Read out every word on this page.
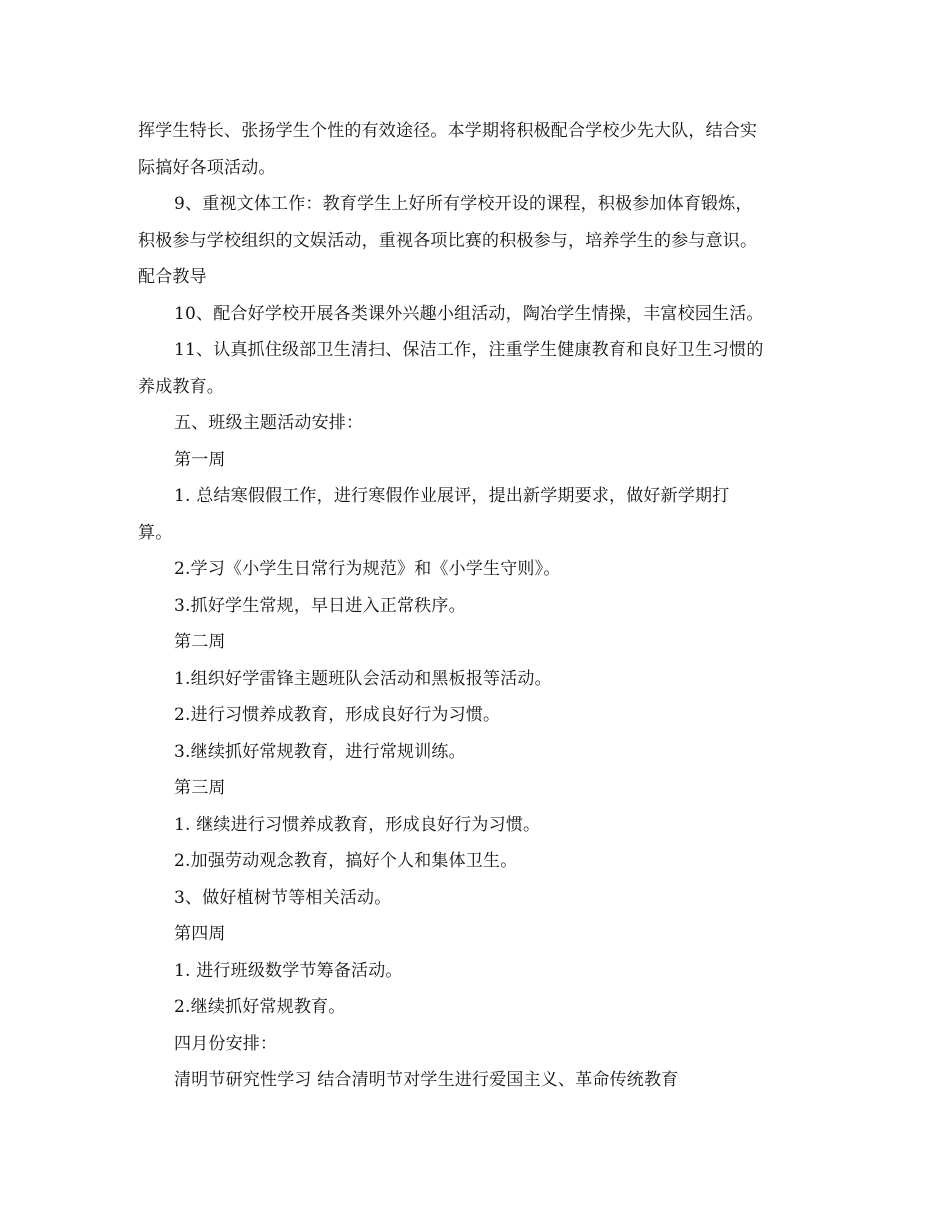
挥学生特长、张扬学生个性的有效途径。本学期将积极配合学校少先大队，结合实
际搞好各项活动。
9、重视文体工作：教育学生上好所有学校开设的课程，积极参加体育锻炼，
积极参与学校组织的文娱活动，重视各项比赛的积极参与，培养学生的参与意识。
配合教导
10、配合好学校开展各类课外兴趣小组活动，陶冶学生情操，丰富校园生活。
11、认真抓住级部卫生清扫、保洁工作，注重学生健康教育和良好卫生习惯的
养成教育。
五、班级主题活动安排：
第一周
1. 总结寒假假工作，进行寒假作业展评，提出新学期要求，做好新学期打
算。
2.学习《小学生日常行为规范》和《小学生守则》。
3.抓好学生常规，早日进入正常秩序。
第二周
1.组织好学雷锋主题班队会活动和黑板报等活动。
2.进行习惯养成教育，形成良好行为习惯。
3.继续抓好常规教育，进行常规训练。
第三周
1. 继续进行习惯养成教育，形成良好行为习惯。
2.加强劳动观念教育，搞好个人和集体卫生。
3、做好植树节等相关活动。
第四周
1. 进行班级数学节筹备活动。
2.继续抓好常规教育。
四月份安排：
清明节研究性学习 结合清明节对学生进行爱国主义、革命传统教育
